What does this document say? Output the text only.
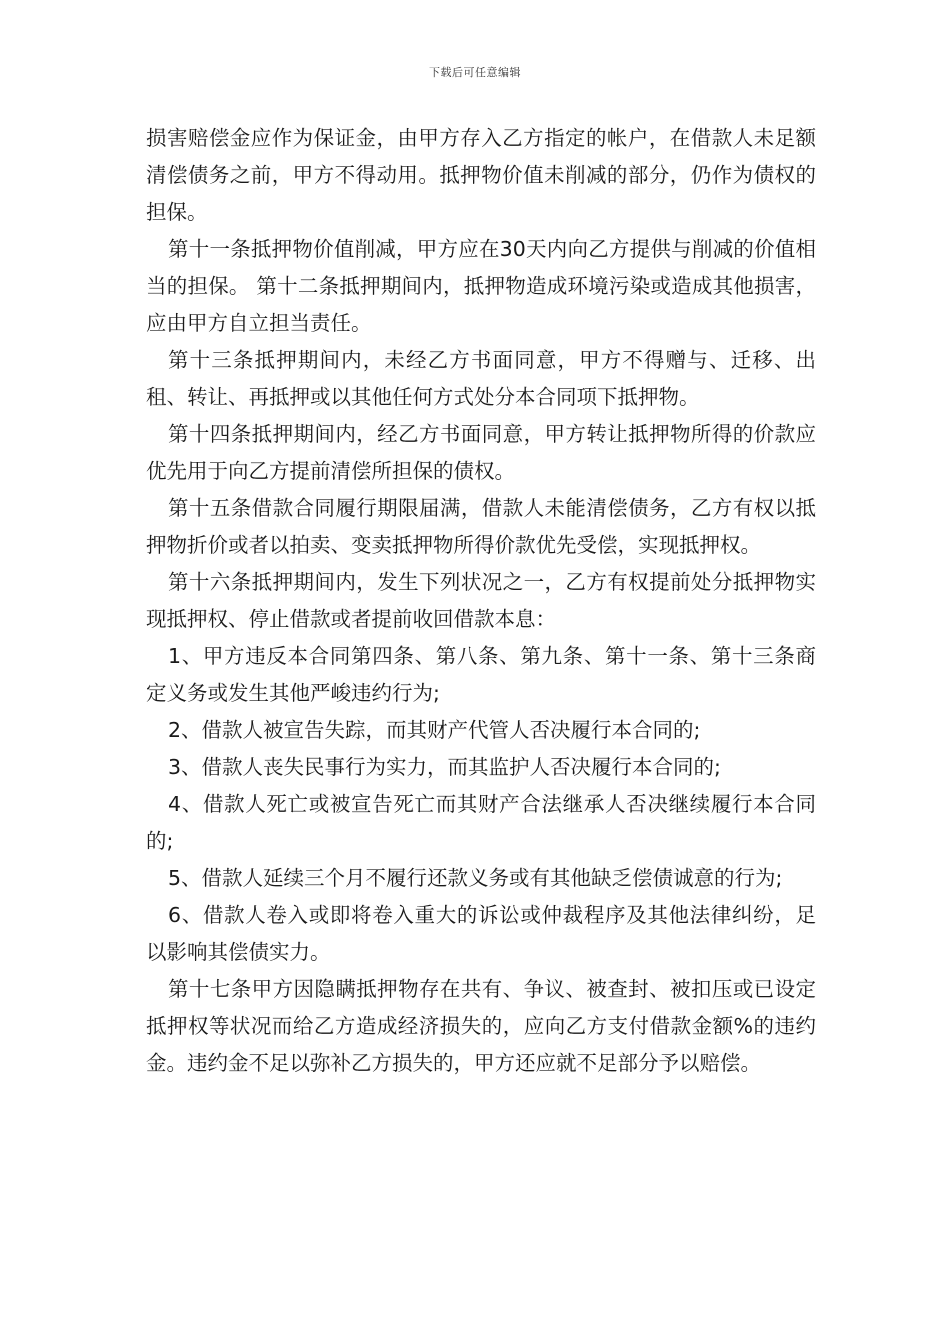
下载后可任意编辑

损害赔偿金应作为保证金，由甲方存入乙方指定的帐户，在借款人未足额清偿债务之前，甲方不得动用。抵押物价值未削减的部分，仍作为债权的担保。

第十一条抵押物价值削减，甲方应在30天内向乙方提供与削减的价值相当的担保。 第十二条抵押期间内，抵押物造成环境污染或造成其他损害，应由甲方自立担当责任。

第十三条抵押期间内，未经乙方书面同意，甲方不得赠与、迁移、出租、转让、再抵押或以其他任何方式处分本合同项下抵押物。

第十四条抵押期间内，经乙方书面同意，甲方转让抵押物所得的价款应优先用于向乙方提前清偿所担保的债权。

第十五条借款合同履行期限届满，借款人未能清偿债务，乙方有权以抵押物折价或者以拍卖、变卖抵押物所得价款优先受偿，实现抵押权。

第十六条抵押期间内，发生下列状况之一，乙方有权提前处分抵押物实现抵押权、停止借款或者提前收回借款本息：

1、甲方违反本合同第四条、第八条、第九条、第十一条、第十三条商定义务或发生其他严峻违约行为;

2、借款人被宣告失踪，而其财产代管人否决履行本合同的;

3、借款人丧失民事行为实力，而其监护人否决履行本合同的;

4、借款人死亡或被宣告死亡而其财产合法继承人否决继续履行本合同的;

5、借款人延续三个月不履行还款义务或有其他缺乏偿债诚意的行为;

6、借款人卷入或即将卷入重大的诉讼或仲裁程序及其他法律纠纷，足以影响其偿债实力。

第十七条甲方因隐瞒抵押物存在共有、争议、被查封、被扣压或已设定抵押权等状况而给乙方造成经济损失的，应向乙方支付借款金额%的违约金。违约金不足以弥补乙方损失的，甲方还应就不足部分予以赔偿。
